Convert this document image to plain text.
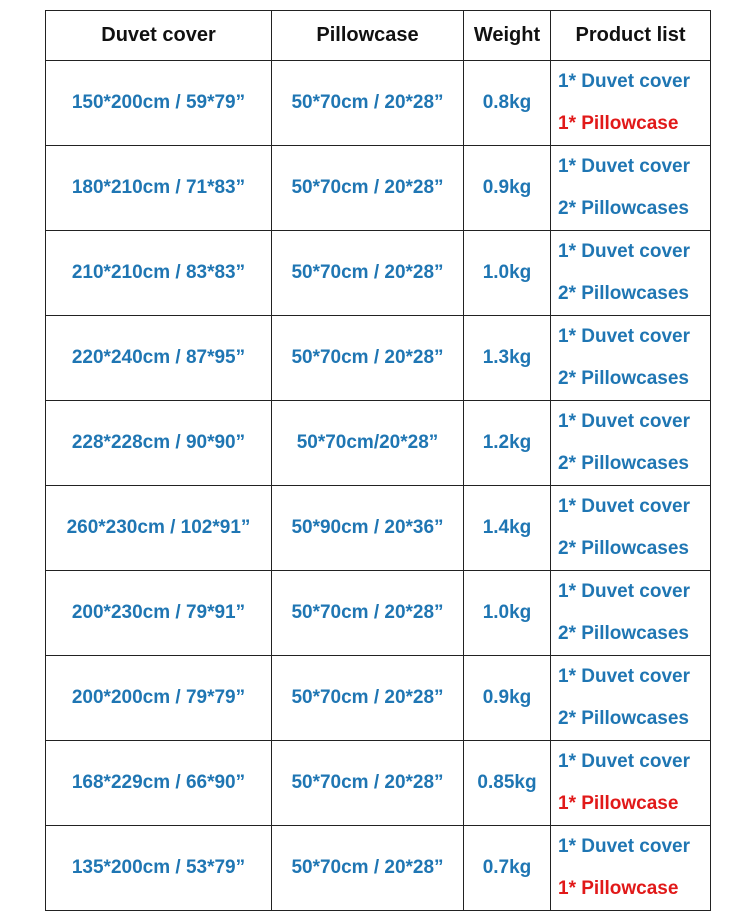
Duvet cover	Pillowcase	Weight	Product list
150*200cm / 59*79”	50*70cm / 20*28”	0.8kg	1* Duvet cover
1* Pillowcase

180*210cm / 71*83”	50*70cm / 20*28”	0.9kg	1* Duvet cover
2* Pillowcases

210*210cm / 83*83”	50*70cm / 20*28”	1.0kg	1* Duvet cover
2* Pillowcases

220*240cm / 87*95”	50*70cm / 20*28”	1.3kg	1* Duvet cover
2* Pillowcases

228*228cm / 90*90”	50*70cm/20*28”	1.2kg	1* Duvet cover
2* Pillowcases

260*230cm / 102*91”	50*90cm / 20*36”	1.4kg	1* Duvet cover
2* Pillowcases

200*230cm / 79*91”	50*70cm / 20*28”	1.0kg	1* Duvet cover
2* Pillowcases

200*200cm / 79*79”	50*70cm / 20*28”	0.9kg	1* Duvet cover
2* Pillowcases

168*229cm / 66*90”	50*70cm / 20*28”	0.85kg	1* Duvet cover
1* Pillowcase

135*200cm / 53*79”	50*70cm / 20*28”	0.7kg	1* Duvet cover
1* Pillowcase
